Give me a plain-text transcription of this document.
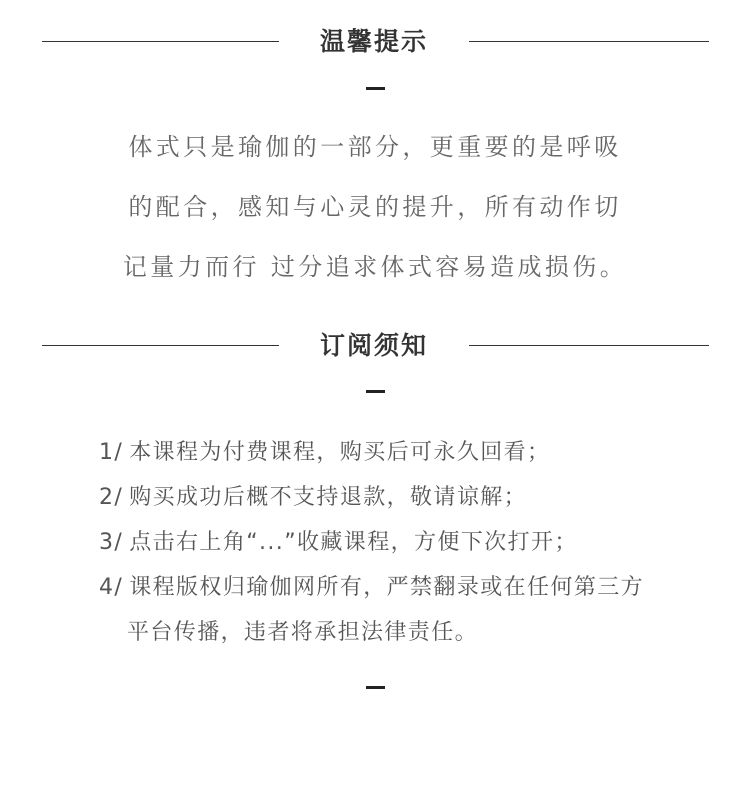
温馨提示
体式只是瑜伽的一部分，更重要的是呼吸
的配合，感知与心灵的提升，所有动作切
记量力而行 过分追求体式容易造成损伤。
订阅须知
1/ 本课程为付费课程，购买后可永久回看；
2/ 购买成功后概不支持退款，敬请谅解；
3/ 点击右上角“...”收藏课程，方便下次打开；
4/ 课程版权归瑜伽网所有，严禁翻录或在任何第三方
平台传播，违者将承担法律责任。
